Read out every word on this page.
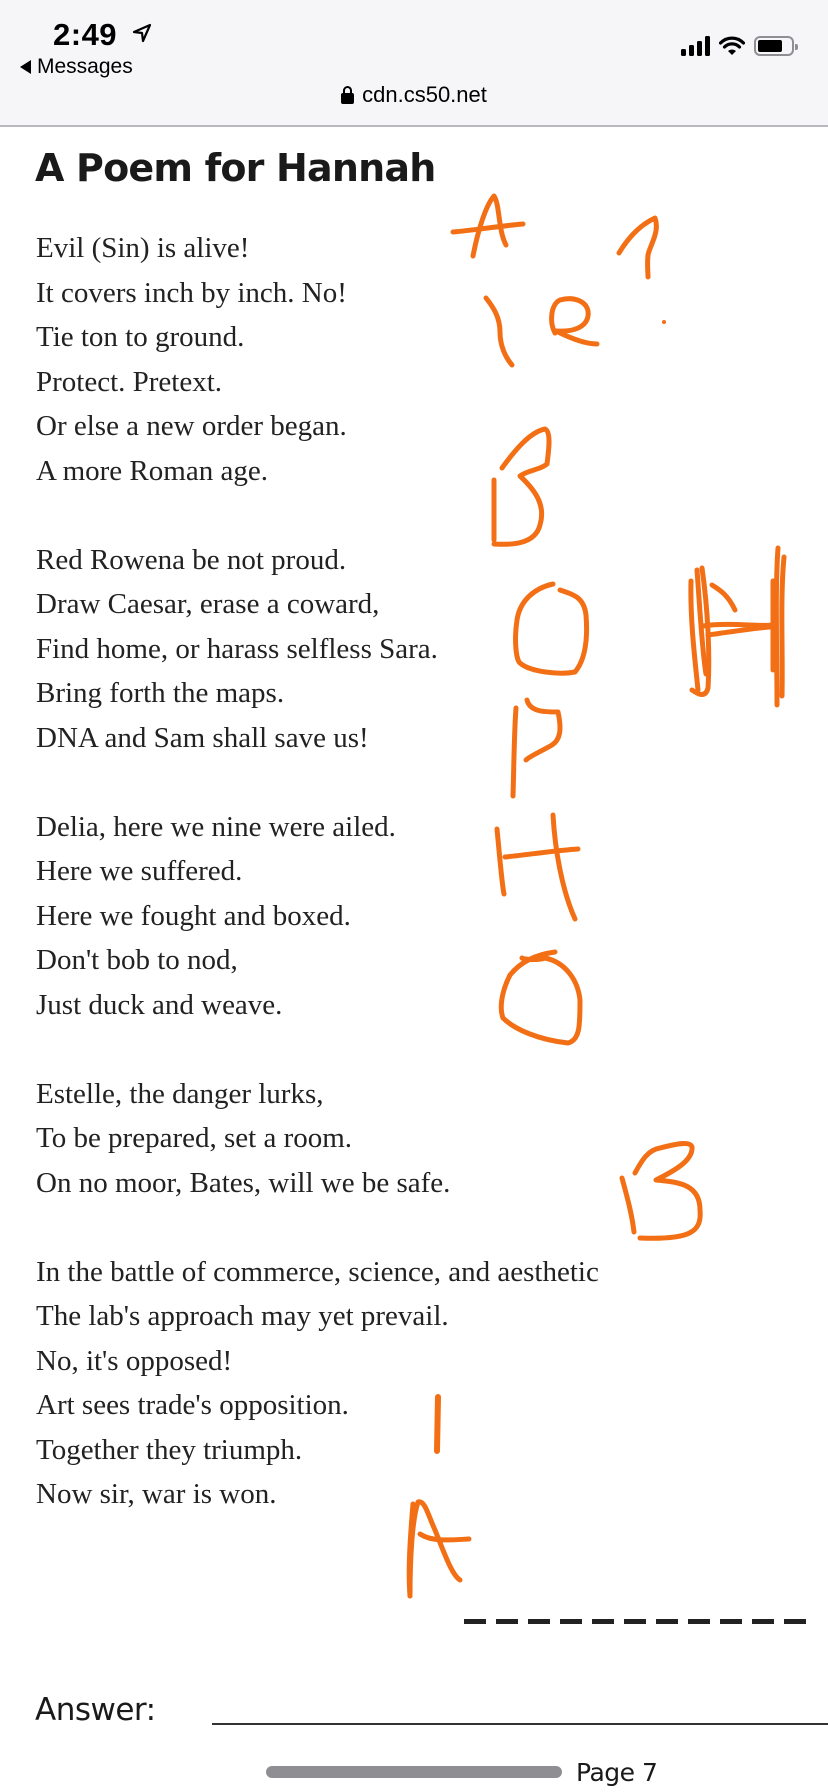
2:49
Messages
cdn.cs50.net
A Poem for Hannah
Evil (Sin) is alive!
It covers inch by inch. No!
Tie ton to ground.
Protect. Pretext.
Or else a new order began.
A more Roman age.
Red Rowena be not proud.
Draw Caesar, erase a coward,
Find home, or harass selfless Sara.
Bring forth the maps.
DNA and Sam shall save us!
Delia, here we nine were ailed.
Here we suffered.
Here we fought and boxed.
Don't bob to nod,
Just duck and weave.
Estelle, the danger lurks,
To be prepared, set a room.
On no moor, Bates, will we be safe.
In the battle of commerce, science, and aesthetic
The lab's approach may yet prevail.
No, it's opposed!
Art sees trade's opposition.
Together they triumph.
Now sir, war is won.
Answer:
Page 7
